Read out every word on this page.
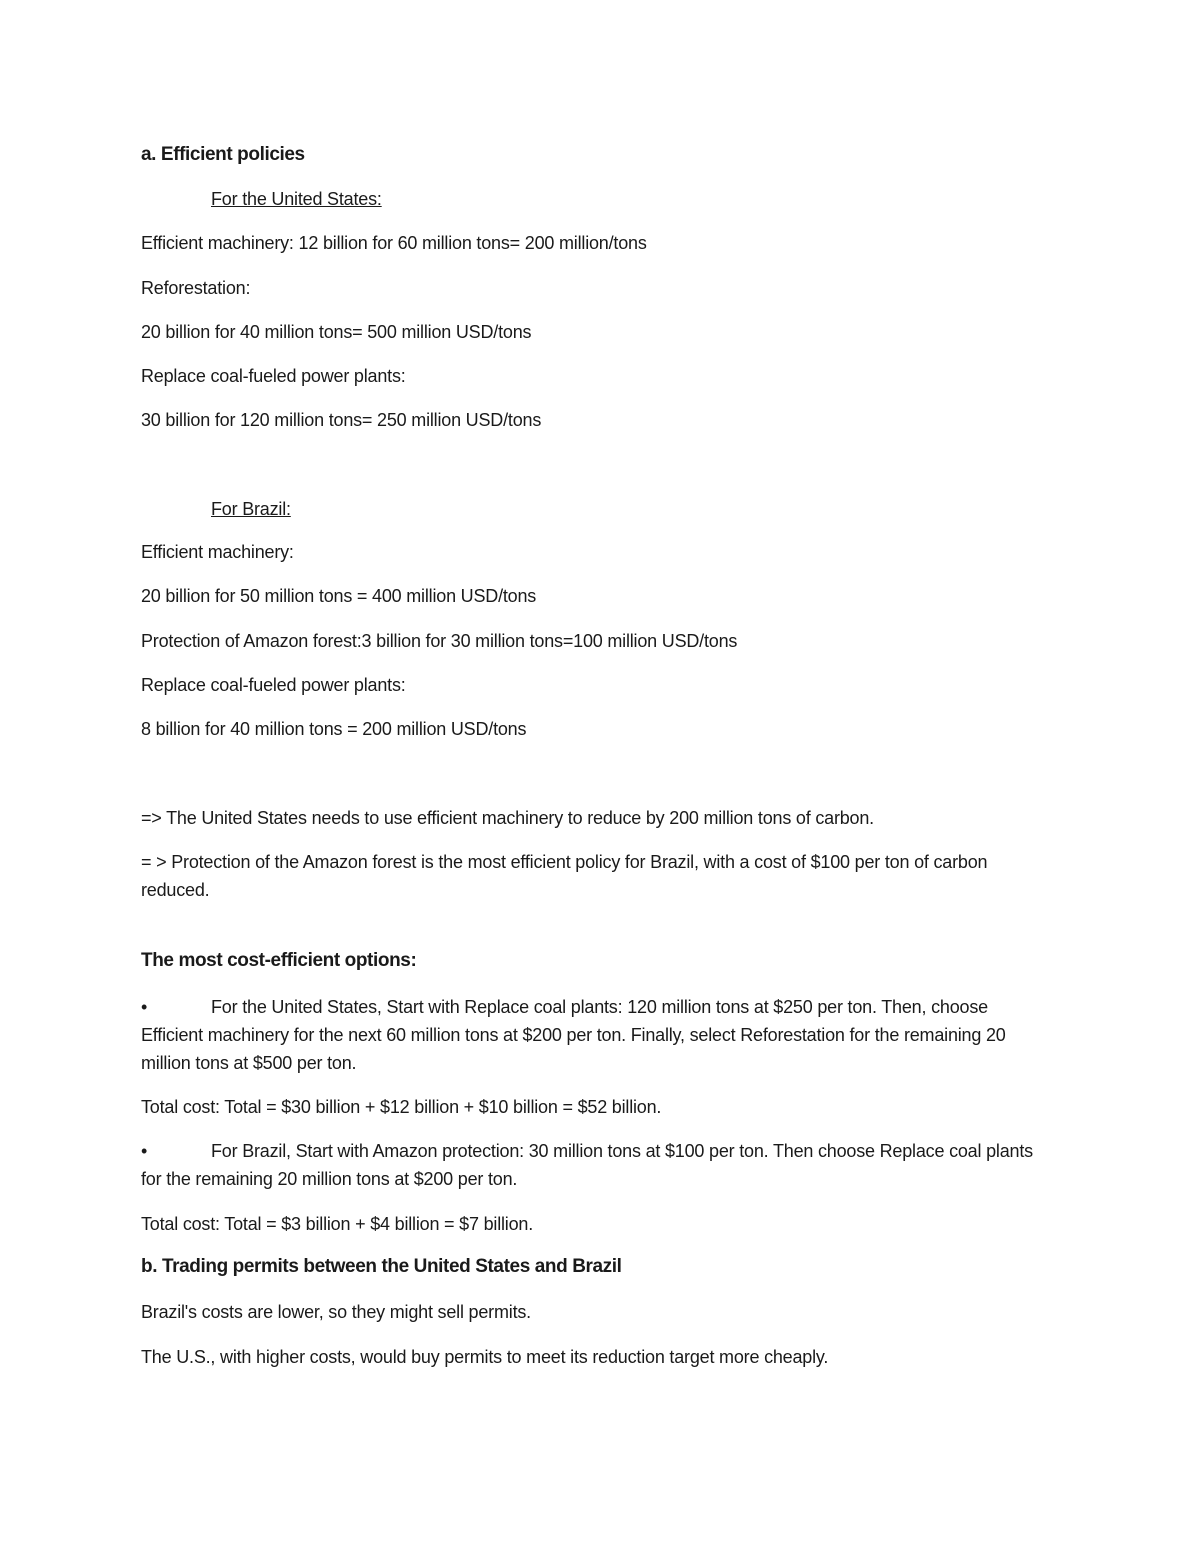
a. Efficient policies
For the United States:
Efficient machinery: 12 billion for 60 million tons= 200 million/tons
Reforestation:
20 billion for 40 million tons= 500 million USD/tons
Replace coal-fueled power plants:
30 billion for 120 million tons= 250 million USD/tons
For Brazil:
Efficient machinery:
20 billion for 50 million tons = 400 million USD/tons
Protection of Amazon forest:3 billion for 30 million tons=100 million USD/tons
Replace coal-fueled power plants:
8 billion for 40 million tons = 200 million USD/tons
=> The United States needs to use efficient machinery to reduce by 200 million tons of carbon.
= > Protection of the Amazon forest is the most efficient policy for Brazil, with a cost of $100 per ton of carbon reduced.
The most cost-efficient options:
•	For the United States, Start with Replace coal plants: 120 million tons at $250 per ton. Then, choose Efficient machinery for the next 60 million tons at $200 per ton. Finally, select Reforestation for the remaining 20 million tons at $500 per ton.
Total cost: Total = $30 billion + $12 billion + $10 billion = $52 billion.
•	For Brazil, Start with Amazon protection: 30 million tons at $100 per ton. Then choose Replace coal plants for the remaining 20 million tons at $200 per ton.
Total cost: Total = $3 billion + $4 billion = $7 billion.
b. Trading permits between the United States and Brazil
Brazil's costs are lower, so they might sell permits.
The U.S., with higher costs, would buy permits to meet its reduction target more cheaply.
